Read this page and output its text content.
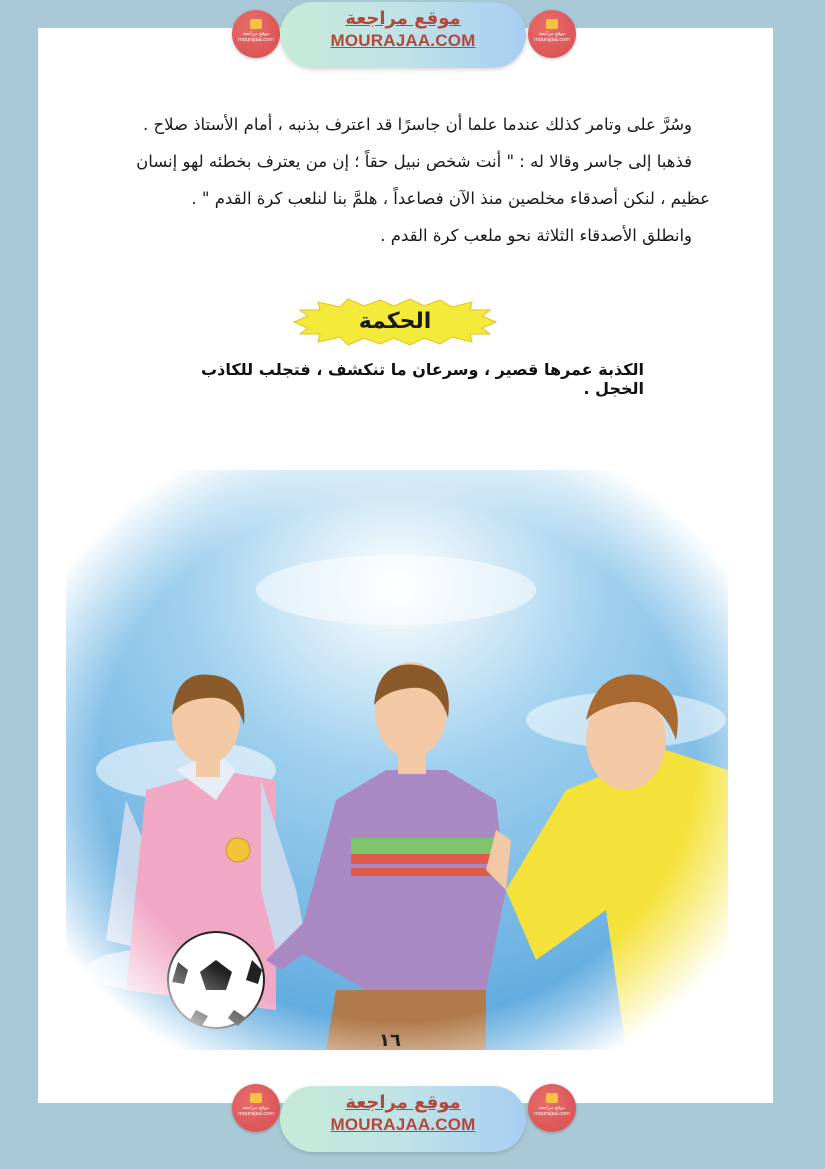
موقع مراجعة
mourajaa.com
موقع مراجعة
MOURAJAA.COM	موقع مراجعة
mourajaa.com

وسُرَّ على وتامر كذلك عندما علما أن جاسرًا قد اعترف بذنبه ، أمام الأستاذ صلاح .

فذهبا إلى جاسر وقالا له : " أنت شخص نبيل حقاً ؛ إن من يعترف بخطئه لهو إنسان

عظيم ، لنكن أصدقاء مخلصين منذ الآن فصاعداً ، هلمَّ بنا لنلعب كرة القدم " .

وانطلق الأصدقاء الثلاثة نحو ملعب كرة القدم .

الحكمة
الكذبة عمرها قصير ، وسرعان ما تنكشف ، فتجلب للكاذب الخجل .
١٦
موقع مراجعة
mourajaa.com
موقع مراجعة
MOURAJAA.COM
موقع مراجعة
mourajaa.com
